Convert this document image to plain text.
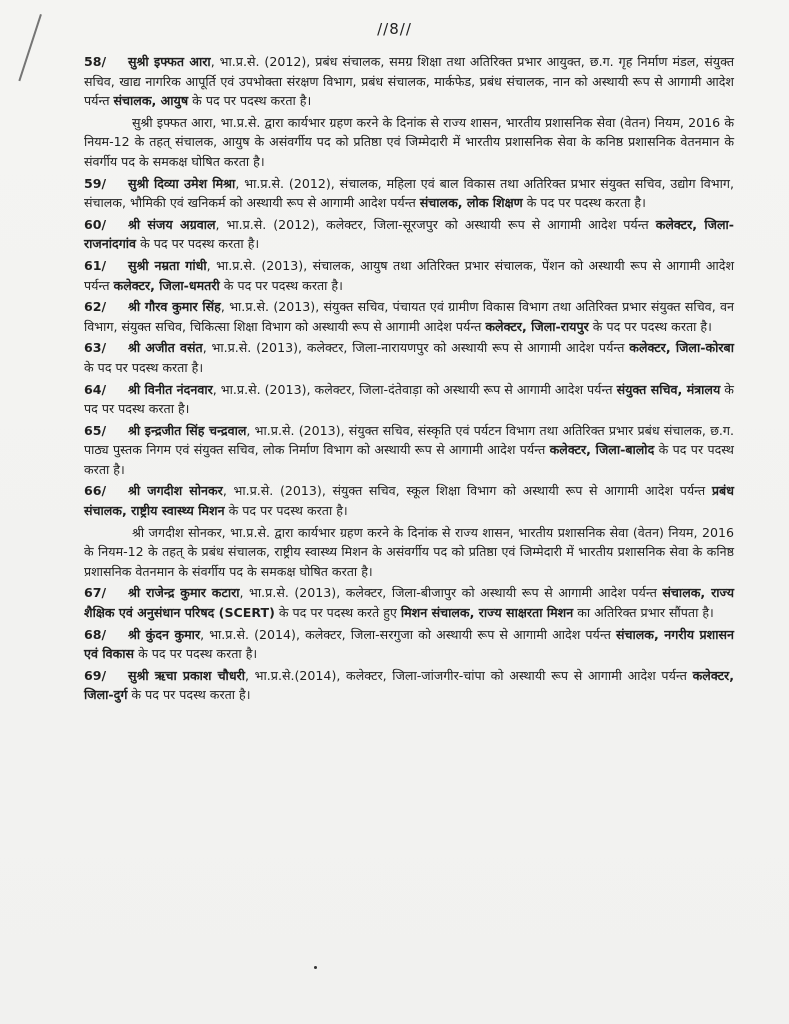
//8//

58/ सुश्री इफ्फत आरा, भा.प्र.से. (2012), प्रबंध संचालक, समग्र शिक्षा तथा अतिरिक्त प्रभार आयुक्त, छ.ग. गृह निर्माण मंडल, संयुक्त सचिव, खाद्य नागरिक आपूर्ति एवं उपभोक्ता संरक्षण विभाग, प्रबंध संचालक, मार्कफेड, प्रबंध संचालक, नान को अस्थायी रूप से आगामी आदेश पर्यन्त संचालक, आयुष के पद पर पदस्थ करता है।

सुश्री इफ्फत आरा, भा.प्र.से. द्वारा कार्यभार ग्रहण करने के दिनांक से राज्य शासन, भारतीय प्रशासनिक सेवा (वेतन) नियम, 2016 के नियम-12 के तहत् संचालक, आयुष के असंवर्गीय पद को प्रतिष्ठा एवं जिम्मेदारी में भारतीय प्रशासनिक सेवा के कनिष्ठ प्रशासनिक वेतनमान के संवर्गीय पद के समकक्ष घोषित करता है।

59/ सुश्री दिव्या उमेश मिश्रा, भा.प्र.से. (2012), संचालक, महिला एवं बाल विकास तथा अतिरिक्त प्रभार संयुक्त सचिव, उद्योग विभाग, संचालक, भौमिकी एवं खनिकर्म को अस्थायी रूप से आगामी आदेश पर्यन्त संचालक, लोक शिक्षण के पद पर पदस्थ करता है।

60/ श्री संजय अग्रवाल, भा.प्र.से. (2012), कलेक्टर, जिला-सूरजपुर को अस्थायी रूप से आगामी आदेश पर्यन्त कलेक्टर, जिला-राजनांदगांव के पद पर पदस्थ करता है।

61/ सुश्री नम्रता गांधी, भा.प्र.से. (2013), संचालक, आयुष तथा अतिरिक्त प्रभार संचालक, पेंशन को अस्थायी रूप से आगामी आदेश पर्यन्त कलेक्टर, जिला-धमतरी के पद पर पदस्थ करता है।

62/ श्री गौरव कुमार सिंह, भा.प्र.से. (2013), संयुक्त सचिव, पंचायत एवं ग्रामीण विकास विभाग तथा अतिरिक्त प्रभार संयुक्त सचिव, वन विभाग, संयुक्त सचिव, चिकित्सा शिक्षा विभाग को अस्थायी रूप से आगामी आदेश पर्यन्त कलेक्टर, जिला-रायपुर के पद पर पदस्थ करता है।

63/ श्री अजीत वसंत, भा.प्र.से. (2013), कलेक्टर, जिला-नारायणपुर को अस्थायी रूप से आगामी आदेश पर्यन्त कलेक्टर, जिला-कोरबा के पद पर पदस्थ करता है।

64/ श्री विनीत नंदनवार, भा.प्र.से. (2013), कलेक्टर, जिला-दंतेवाड़ा को अस्थायी रूप से आगामी आदेश पर्यन्त संयुक्त सचिव, मंत्रालय के पद पर पदस्थ करता है।

65/ श्री इन्द्रजीत सिंह चन्द्रवाल, भा.प्र.से. (2013), संयुक्त सचिव, संस्कृति एवं पर्यटन विभाग तथा अतिरिक्त प्रभार प्रबंध संचालक, छ.ग. पाठ्य पुस्तक निगम एवं संयुक्त सचिव, लोक निर्माण विभाग को अस्थायी रूप से आगामी आदेश पर्यन्त कलेक्टर, जिला-बालोद के पद पर पदस्थ करता है।

66/ श्री जगदीश सोनकर, भा.प्र.से. (2013), संयुक्त सचिव, स्कूल शिक्षा विभाग को अस्थायी रूप से आगामी आदेश पर्यन्त प्रबंध संचालक, राष्ट्रीय स्वास्थ्य मिशन के पद पर पदस्थ करता है।

श्री जगदीश सोनकर, भा.प्र.से. द्वारा कार्यभार ग्रहण करने के दिनांक से राज्य शासन, भारतीय प्रशासनिक सेवा (वेतन) नियम, 2016 के नियम-12 के तहत् के प्रबंध संचालक, राष्ट्रीय स्वास्थ्य मिशन के असंवर्गीय पद को प्रतिष्ठा एवं जिम्मेदारी में भारतीय प्रशासनिक सेवा के कनिष्ठ प्रशासनिक वेतनमान के संवर्गीय पद के समकक्ष घोषित करता है।

67/ श्री राजेन्द्र कुमार कटारा, भा.प्र.से. (2013), कलेक्टर, जिला-बीजापुर को अस्थायी रूप से आगामी आदेश पर्यन्त संचालक, राज्य शैक्षिक एवं अनुसंधान परिषद (SCERT) के पद पर पदस्थ करते हुए मिशन संचालक, राज्य साक्षरता मिशन का अतिरिक्त प्रभार सौंपता है।

68/ श्री कुंदन कुमार, भा.प्र.से. (2014), कलेक्टर, जिला-सरगुजा को अस्थायी रूप से आगामी आदेश पर्यन्त संचालक, नगरीय प्रशासन एवं विकास के पद पर पदस्थ करता है।

69/ सुश्री ऋचा प्रकाश चौधरी, भा.प्र.से.(2014), कलेक्टर, जिला-जांजगीर-चांपा को अस्थायी रूप से आगामी आदेश पर्यन्त कलेक्टर, जिला-दुर्ग के पद पर पदस्थ करता है।
